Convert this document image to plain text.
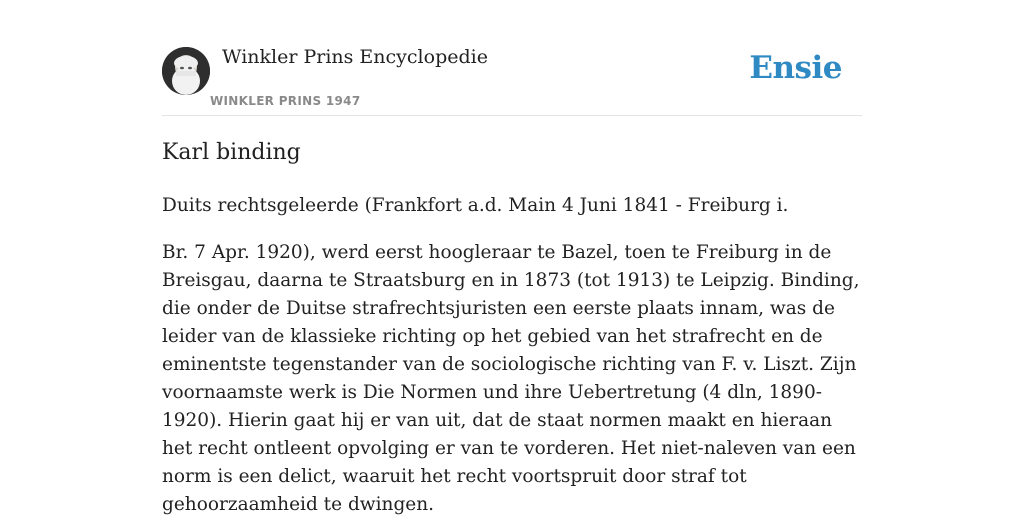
Winkler Prins Encyclopedie
WINKLER PRINS 1947
Ensie
Karl binding

Duits rechtsgeleerde (Frankfort a.d. Main 4 Juni 1841 - Freiburg i.

Br. 7 Apr. 1920), werd eerst hoogleraar te Bazel, toen te Freiburg in de Breisgau, daarna te Straatsburg en in 1873 (tot 1913) te Leipzig. Binding, die onder de Duitse strafrechtsjuristen een eerste plaats innam, was de leider van de klassieke richting op het gebied van het strafrecht en de eminentste tegenstander van de sociologische richting van F. v. Liszt. Zijn voornaamste werk is Die Normen und ihre Uebertretung (4 dln, 1890-1920). Hierin gaat hij er van uit, dat de staat normen maakt en hieraan het recht ontleent opvolging er van te vorderen. Het niet-naleven van een norm is een delict, waaruit het recht voortspruit door straf tot gehoorzaamheid te dwingen.
